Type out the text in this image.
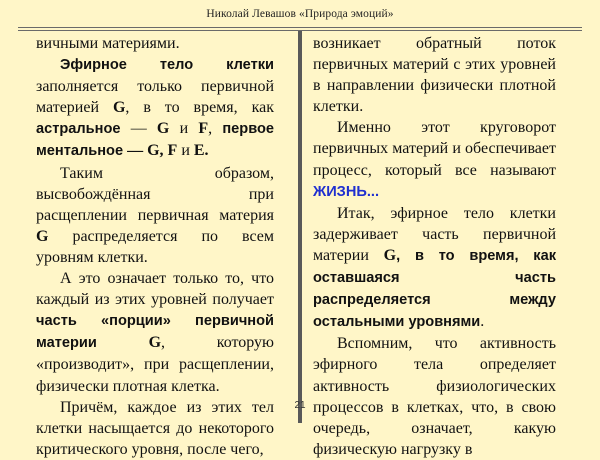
Николай Левашов «Природа эмоций»

вичными материями.

Эфирное тело клетки заполняется только первичной материей G, в то время, как астральное — G и F, первое ментальное — G, F и E.

Таким образом, высвобождённая при расщеплении первичная материя G распределяется по всем уровням клетки.

А это означает только то, что каждый из этих уровней получает часть «порции» первичной материи	G, которую «производит», при расщеплении, физически плотная клетка.

Причём, каждое из этих тел клетки насыщается до некоторого критического уровня, после чего,

возникает обратный поток первичных материй с этих уровней в направлении физически плотной клетки.

Именно этот круговорот первичных материй и обеспечивает процесс, который все называют ЖИЗНЬ...

Итак, эфирное тело клетки задерживает часть первичной материи G, в то время, как оставшаяся часть распределяется между остальными уровнями.

Вспомним, что активность эфирного тела определяет активность физиологических процессов в клетках, что, в свою очередь, означает, какую физическую нагрузку в

21
